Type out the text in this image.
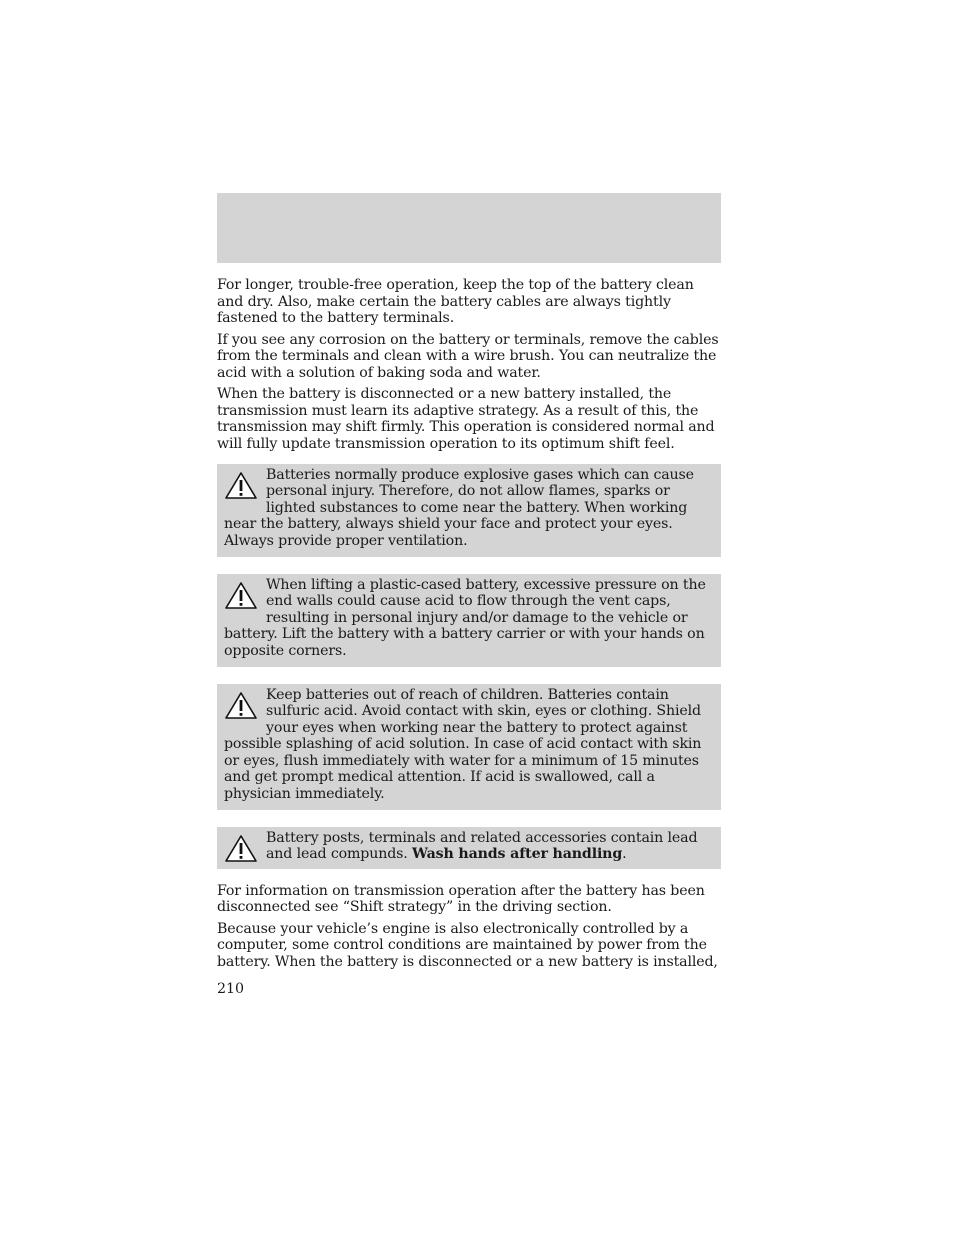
For longer, trouble-free operation, keep the top of the battery clean and dry. Also, make certain the battery cables are always tightly fastened to the battery terminals.

If you see any corrosion on the battery or terminals, remove the cables from the terminals and clean with a wire brush. You can neutralize the acid with a solution of baking soda and water.

When the battery is disconnected or a new battery installed, the transmission must learn its adaptive strategy. As a result of this, the transmission may shift firmly. This operation is considered normal and will fully update transmission operation to its optimum shift feel.

Batteries normally produce explosive gases which can cause personal injury. Therefore, do not allow flames, sparks or lighted substances to come near the battery. When working near the battery, always shield your face and protect your eyes. Always provide proper ventilation.
When lifting a plastic-cased battery, excessive pressure on the end walls could cause acid to flow through the vent caps, resulting in personal injury and/or damage to the vehicle or battery. Lift the battery with a battery carrier or with your hands on opposite corners.
Keep batteries out of reach of children. Batteries contain sulfuric acid. Avoid contact with skin, eyes or clothing. Shield your eyes when working near the battery to protect against possible splashing of acid solution. In case of acid contact with skin or eyes, flush immediately with water for a minimum of 15 minutes and get prompt medical attention. If acid is swallowed, call a physician immediately.
Battery posts, terminals and related accessories contain lead and lead compunds. Wash hands after handling.

For information on transmission operation after the battery has been disconnected see “Shift strategy” in the driving section.

Because your vehicle’s engine is also electronically controlled by a computer, some control conditions are maintained by power from the battery. When the battery is disconnected or a new battery is installed,

210
